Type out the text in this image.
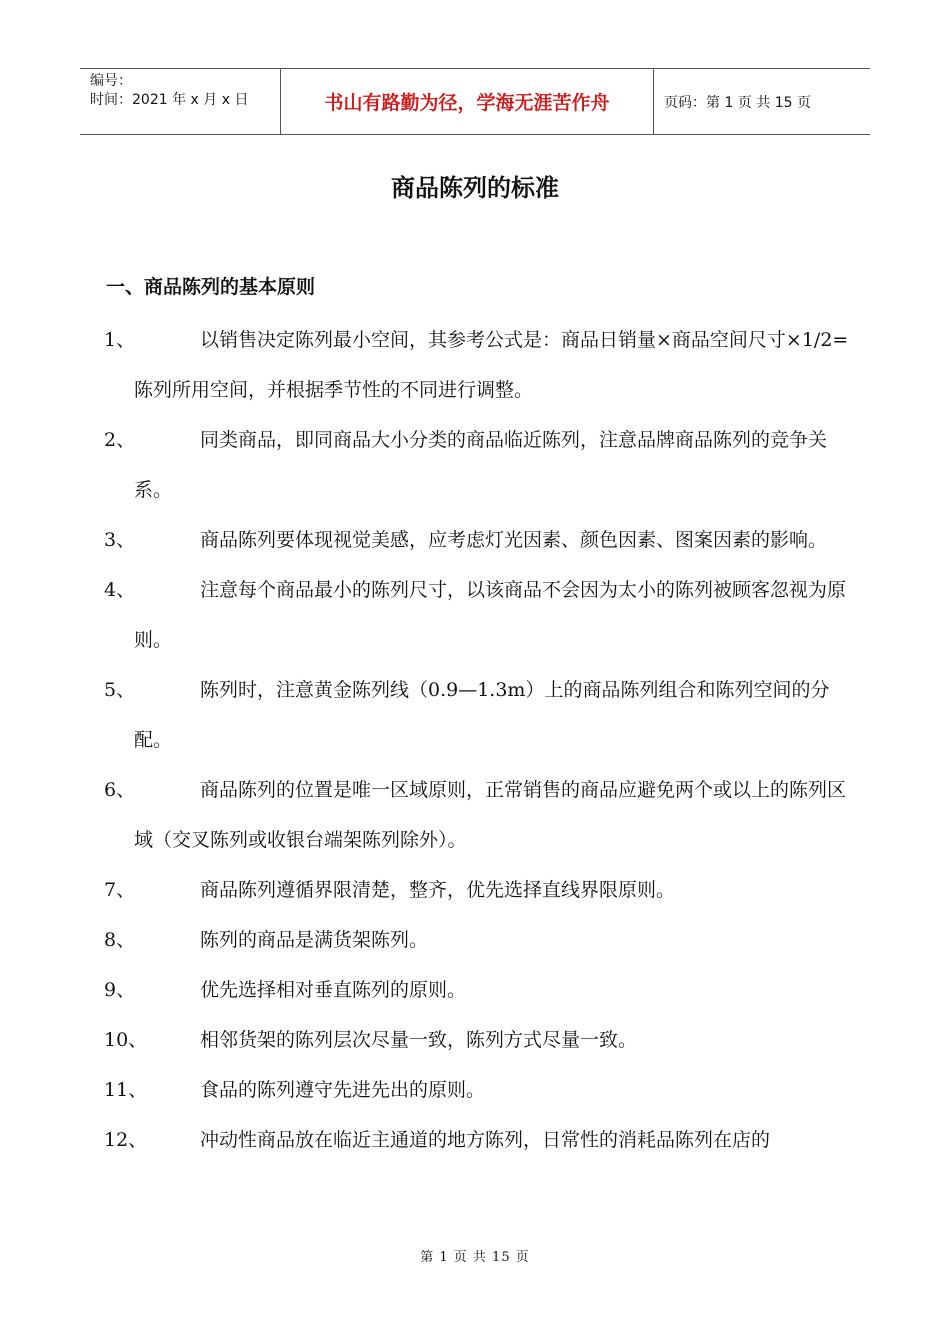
编号：
时间：2021 年 x 月 x 日	书山有路勤为径，学海无涯苦作舟	页码：第 1 页 共 15 页
商品陈列的标准
一、商品陈列的基本原则
1、	以销售决定陈列最小空间，其参考公式是：商品日销量×商品空间尺寸×1/2=陈列所用空间，并根据季节性的不同进行调整。
2、	同类商品，即同商品大小分类的商品临近陈列，注意品牌商品陈列的竞争关系。
3、	商品陈列要体现视觉美感，应考虑灯光因素、颜色因素、图案因素的影响。
4、	注意每个商品最小的陈列尺寸，以该商品不会因为太小的陈列被顾客忽视为原则。
5、	陈列时，注意黄金陈列线（0.9—1.3m）上的商品陈列组合和陈列空间的分配。
6、	商品陈列的位置是唯一区域原则，正常销售的商品应避免两个或以上的陈列区域（交叉陈列或收银台端架陈列除外）。
7、	商品陈列遵循界限清楚，整齐，优先选择直线界限原则。
8、	陈列的商品是满货架陈列。
9、	优先选择相对垂直陈列的原则。
10、	相邻货架的陈列层次尽量一致，陈列方式尽量一致。
11、	食品的陈列遵守先进先出的原则。
12、	冲动性商品放在临近主通道的地方陈列，日常性的消耗品陈列在店的
第 1 页 共 15 页
